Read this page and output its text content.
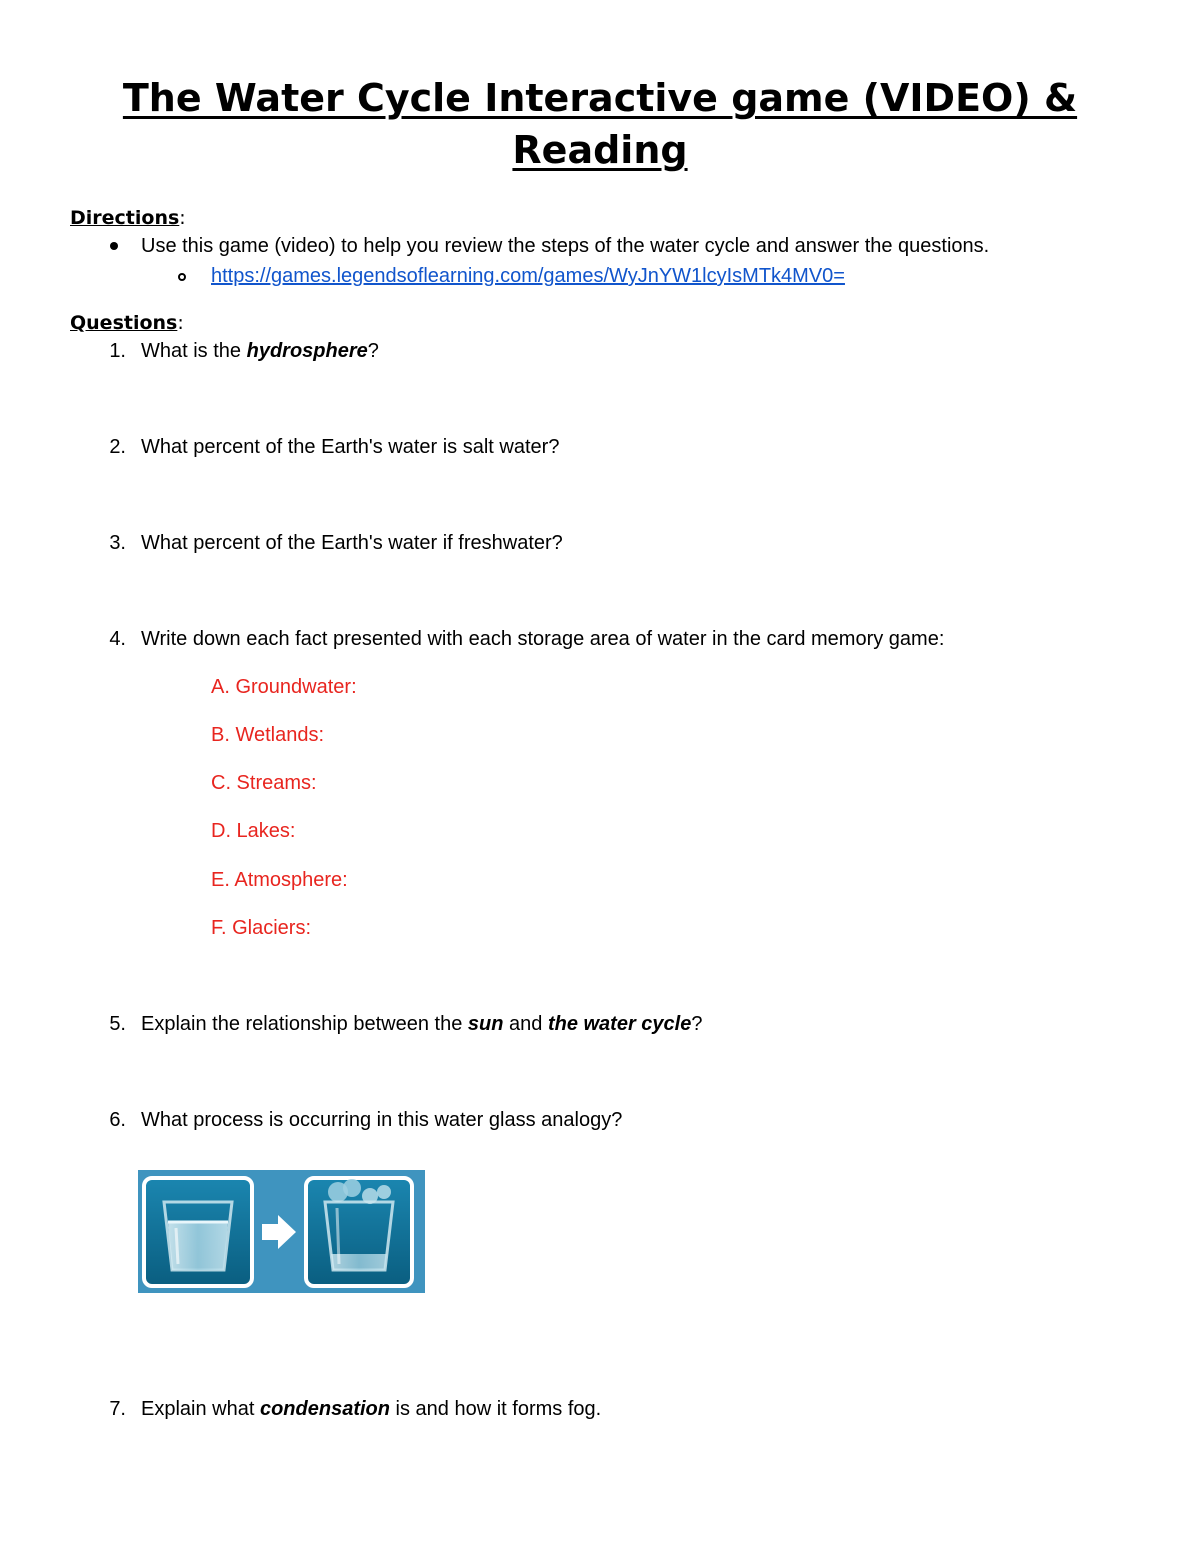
The Water Cycle Interactive game (VIDEO) & Reading
Directions:
Use this game (video) to help you review the steps of the water cycle and answer the questions.
https://games.legendsoflearning.com/games/WyJnYW1lcyIsMTk4MV0=
Questions:
1. What is the hydrosphere?
2. What percent of the Earth's water is salt water?
3. What percent of the Earth's water if freshwater?
4. Write down each fact presented with each storage area of water in the card memory game:
A. Groundwater:
B. Wetlands:
C. Streams:
D. Lakes:
E. Atmosphere:
F. Glaciers:
5. Explain the relationship between the sun and the water cycle?
6. What process is occurring in this water glass analogy?
7. Explain what condensation is and how it forms fog.
